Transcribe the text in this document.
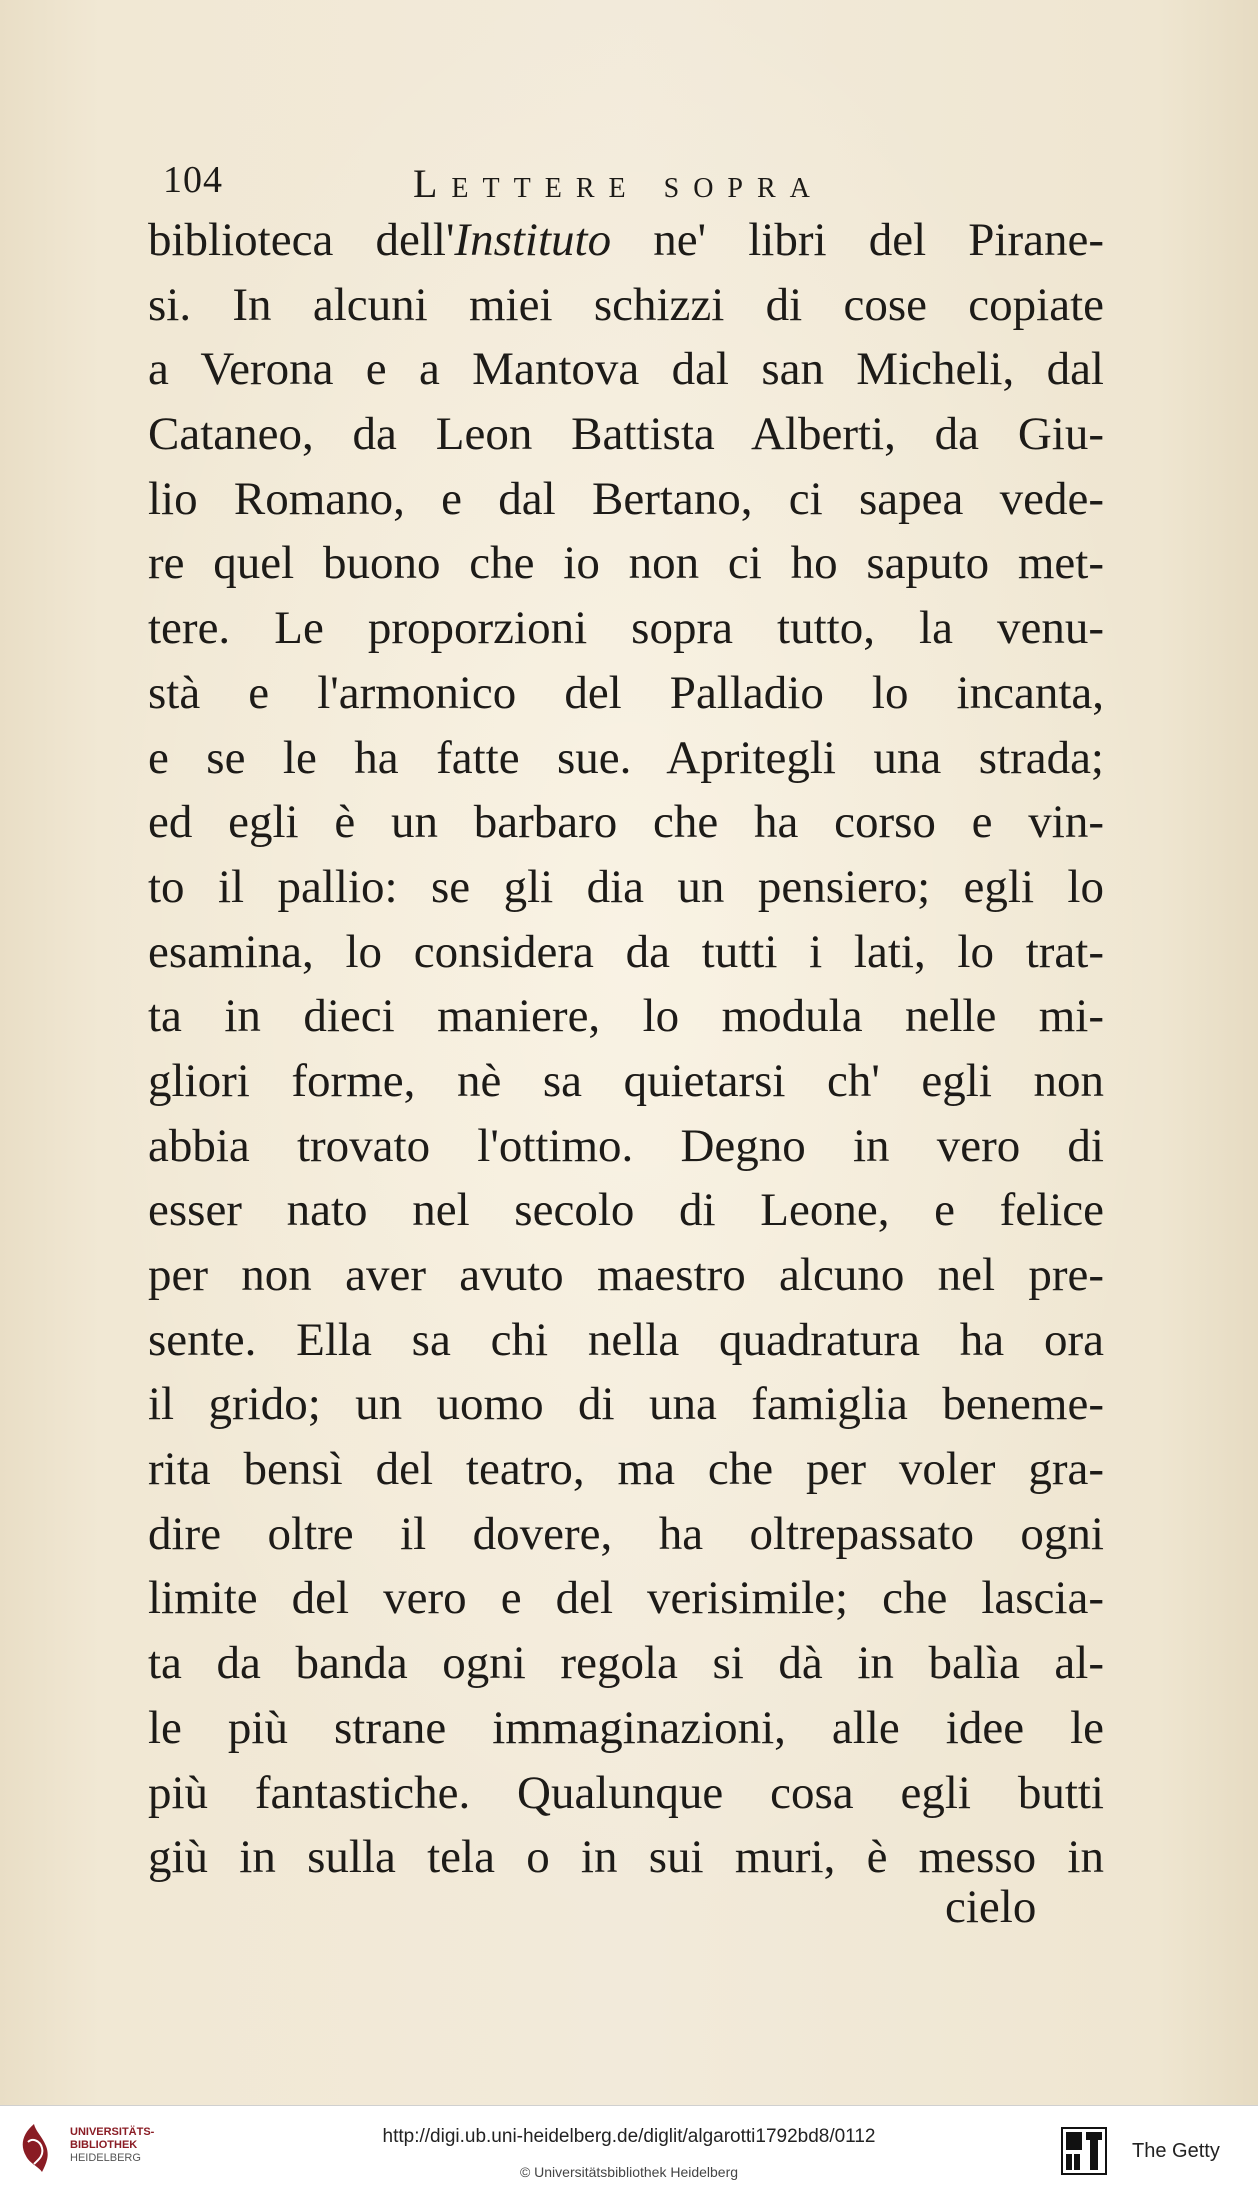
104	Lettere sopra
biblioteca dell'Instituto ne' libri del Pirane-
si. In alcuni miei schizzi di cose copiate
a Verona e a Mantova dal san Micheli, dal
Cataneo, da Leon Battista Alberti, da Giu-
lio Romano, e dal Bertano, ci sapea vede-
re quel buono che io non ci ho saputo met-
tere. Le proporzioni sopra tutto, la venu-
stà e l'armonico del Palladio lo incanta,
e se le ha fatte sue. Apritegli una strada;
ed egli è un barbaro che ha corso e vin-
to il pallio: se gli dia un pensiero; egli lo
esamina, lo considera da tutti i lati, lo trat-
ta in dieci maniere, lo modula nelle mi-
gliori forme, nè sa quietarsi ch' egli non
abbia trovato l'ottimo. Degno in vero di
esser nato nel secolo di Leone, e felice
per non aver avuto maestro alcuno nel pre-
sente. Ella sa chi nella quadratura ha ora
il grido; un uomo di una famiglia beneme-
rita bensì del teatro, ma che per voler gra-
dire oltre il dovere, ha oltrepassato ogni
limite del vero e del verisimile; che lascia-
ta da banda ogni regola si dà in balìa al-
le più strane immaginazioni, alle idee le
più fantastiche. Qualunque cosa egli butti
giù in sulla tela o in sui muri, è messo in
cielo
UNIVERSITÄTS-
BIBLIOTHEK
HEIDELBERG
http://digi.ub.uni-heidelberg.de/diglit/algarotti1792bd8/0112
© Universitätsbibliothek Heidelberg
The Getty
